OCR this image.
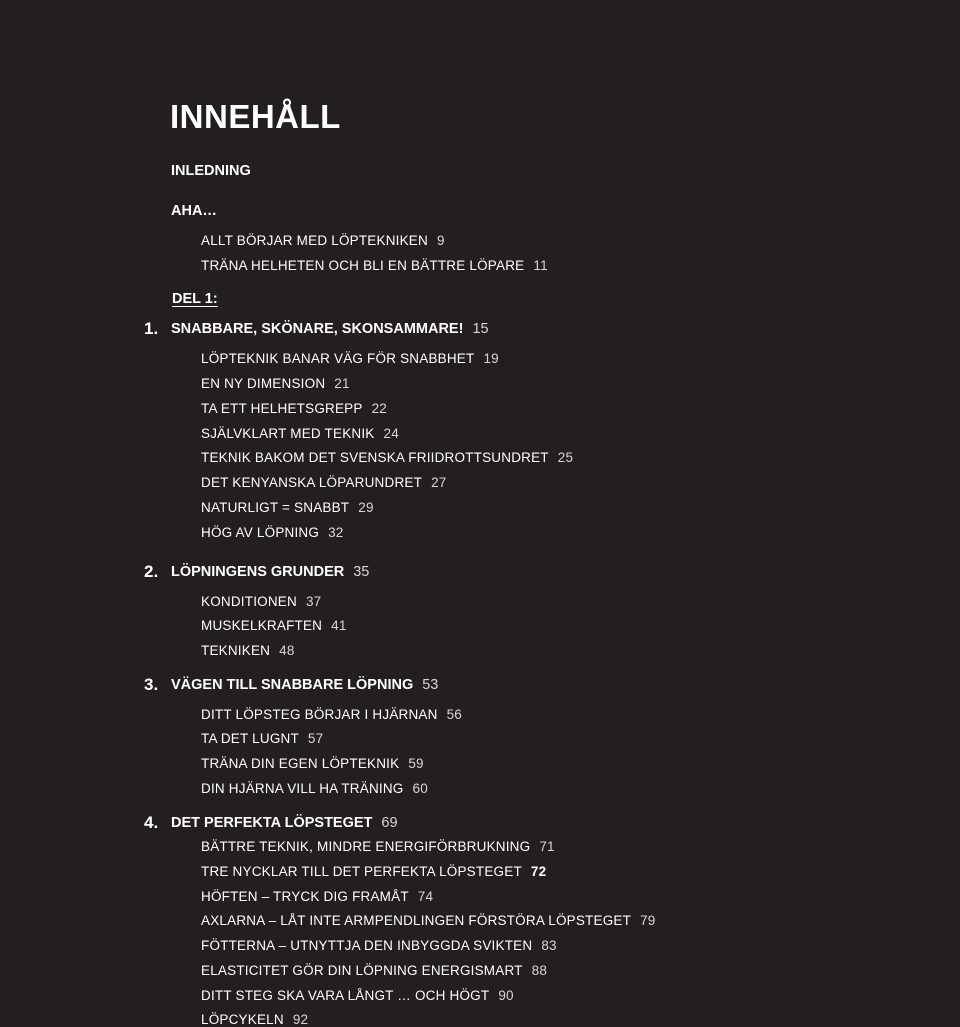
INNEHÅLL
INLEDNING
AHA…
ALLT BÖRJAR MED LÖPTEKNIKEN 9
TRÄNA HELHETEN OCH BLI EN BÄTTRE LÖPARE 11
DEL 1:
1. SNABBARE, SKÖNARE, SKONSAMMARE! 15
LÖPTEKNIK BANAR VÄG FÖR SNABBHET 19
EN NY DIMENSION 21
TA ETT HELHETSGREPP 22
SJÄLVKLART MED TEKNIK 24
TEKNIK BAKOM DET SVENSKA FRIIDROTTSUNDRET 25
DET KENYANSKA LÖPARUNDRET 27
NATURLIGT = SNABBT 29
HÖG AV LÖPNING 32
2. LÖPNINGENS GRUNDER 35
KONDITIONEN 37
MUSKELKRAFTEN 41
TEKNIKEN 48
3. VÄGEN TILL SNABBARE LÖPNING 53
DITT LÖPSTEG BÖRJAR I HJÄRNAN 56
TA DET LUGNT 57
TRÄNA DIN EGEN LÖPTEKNIK 59
DIN HJÄRNA VILL HA TRÄNING 60
4. DET PERFEKTA LÖPSTEGET 69
BÄTTRE TEKNIK, MINDRE ENERGIFÖRBRUKNING 71
TRE NYCKLAR TILL DET PERFEKTA LÖPSTEGET 72
HÖFTEN – TRYCK DIG FRAMÅT 74
AXLARNA – LÅT INTE ARMPENDLINGEN FÖRSTÖRA LÖPSTEGET 79
FÖTTERNA – UTNYTTJA DEN INBYGGDA SVIKTEN 83
ELASTICITET GÖR DIN LÖPNING ENERGISMART 88
DITT STEG SKA VARA LÅNGT … OCH HÖGT 90
LÖPCYKELN 92
